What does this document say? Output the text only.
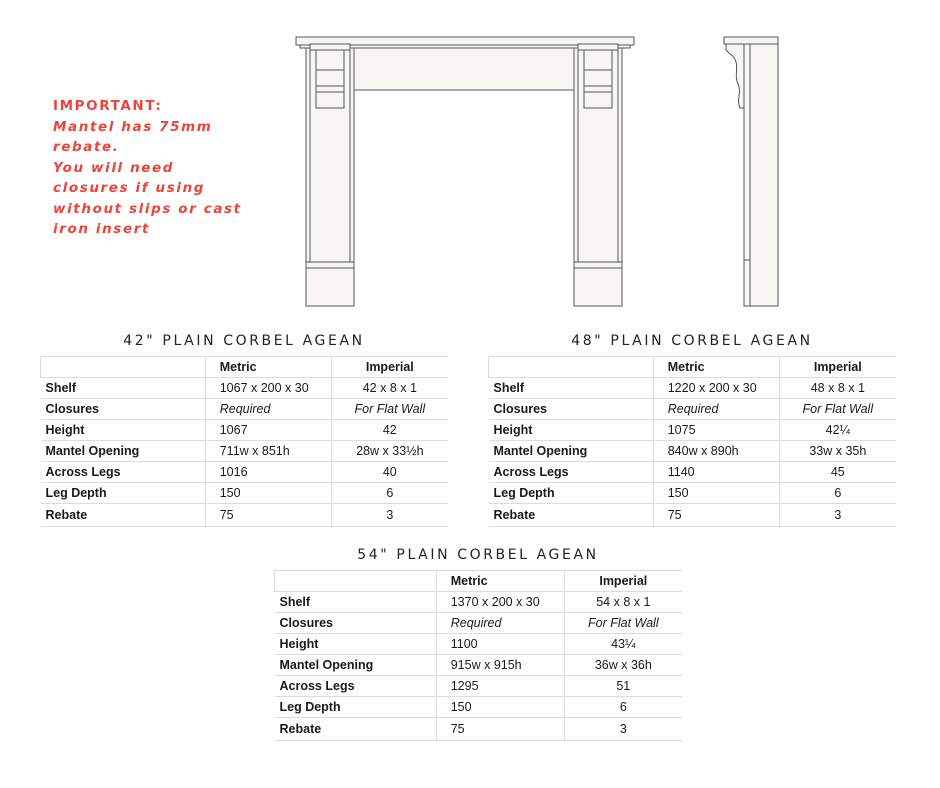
IMPORTANT:
Mantel has 75mm
rebate.
You will need
closures if using
without slips or cast
iron insert
42" PLAIN CORBEL AGEAN	48" PLAIN CORBEL AGEAN
54" PLAIN CORBEL AGEAN
	Metric	Imperial
Shelf	1067 x 200 x 30	42 x 8 x 1
Closures	Required	For Flat Wall
Height	1067	42
Mantel Opening	711w x 851h	28w x 33½h
Across Legs	1016	40
Leg Depth	150	6
Rebate	75	3
	Metric	Imperial
Shelf	1220 x 200 x 30	48 x 8 x 1
Closures	Required	For Flat Wall
Height	1075	42¼
Mantel Opening	840w x 890h	33w x 35h
Across Legs	1140	45
Leg Depth	150	6
Rebate	75	3
	Metric	Imperial
Shelf	1370 x 200 x 30	54 x 8 x 1
Closures	Required	For Flat Wall
Height	1100	43¼
Mantel Opening	915w x 915h	36w x 36h
Across Legs	1295	51
Leg Depth	150	6
Rebate	75	3
